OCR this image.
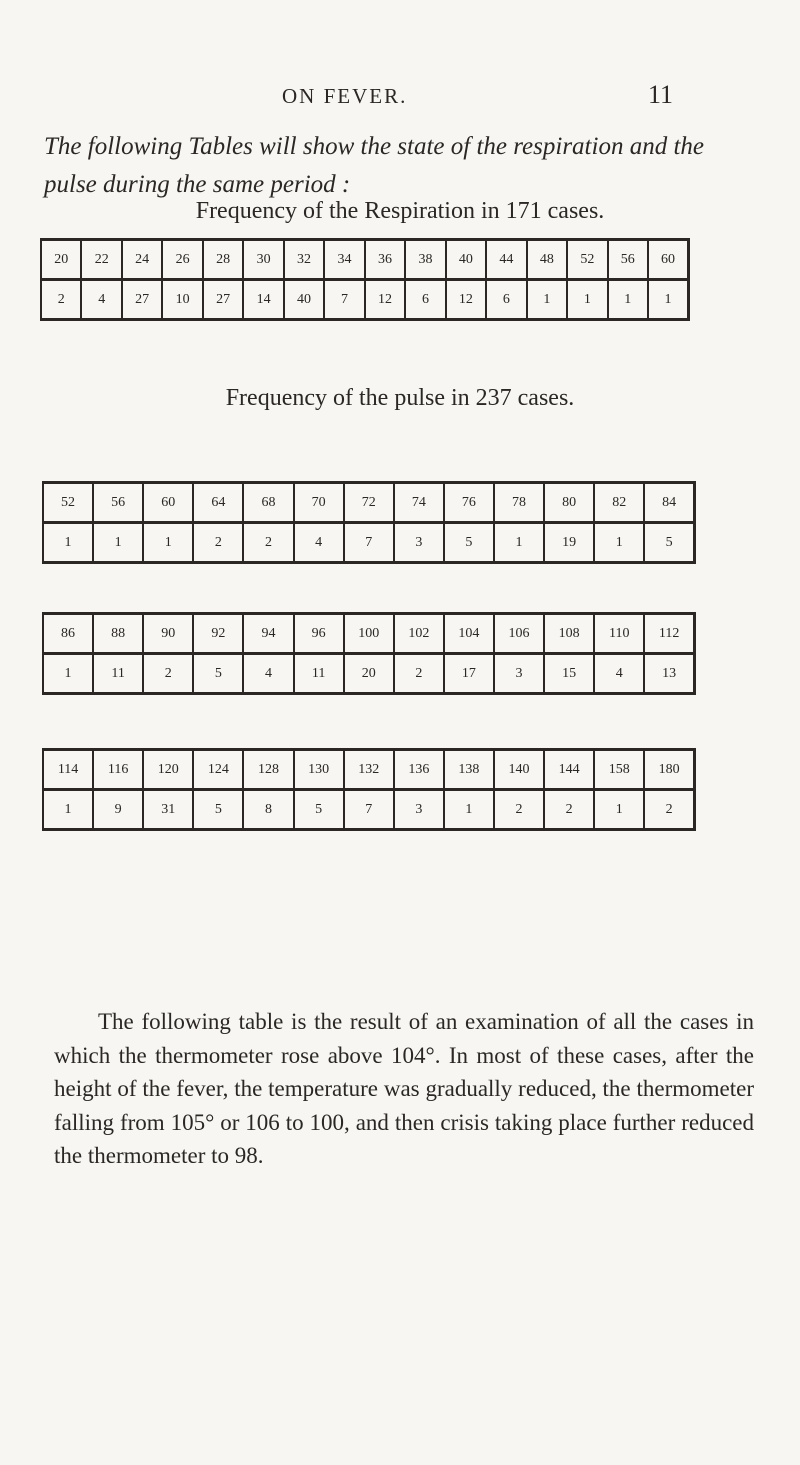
ON FEVER.	11
The following Tables will show the state of the respiration and the pulse during the same period :
Frequency of the Respiration in 171 cases.
20	22	24	26	28	30	32	34	36	38	40	44	48	52	56	60
2	4	27	10	27	14	40	7	12	6	12	6	1	1	1	1
Frequency of the pulse in 237 cases.
52	56	60	64	68	70	72	74	76	78	80	82	84
1	1	1	2	2	4	7	3	5	1	19	1	5
86	88	90	92	94	96	100	102	104	106	108	110	112
1	11	2	5	4	11	20	2	17	3	15	4	13
114	116	120	124	128	130	132	136	138	140	144	158	180
1	9	31	5	8	5	7	3	1	2	2	1	2
The following table is the result of an examination of all the cases in which the thermometer rose above 104°. In most of these cases, after the height of the fever, the temperature was gradually reduced, the thermometer falling from 105° or 106 to 100, and then crisis taking place further reduced the thermometer to 98.
